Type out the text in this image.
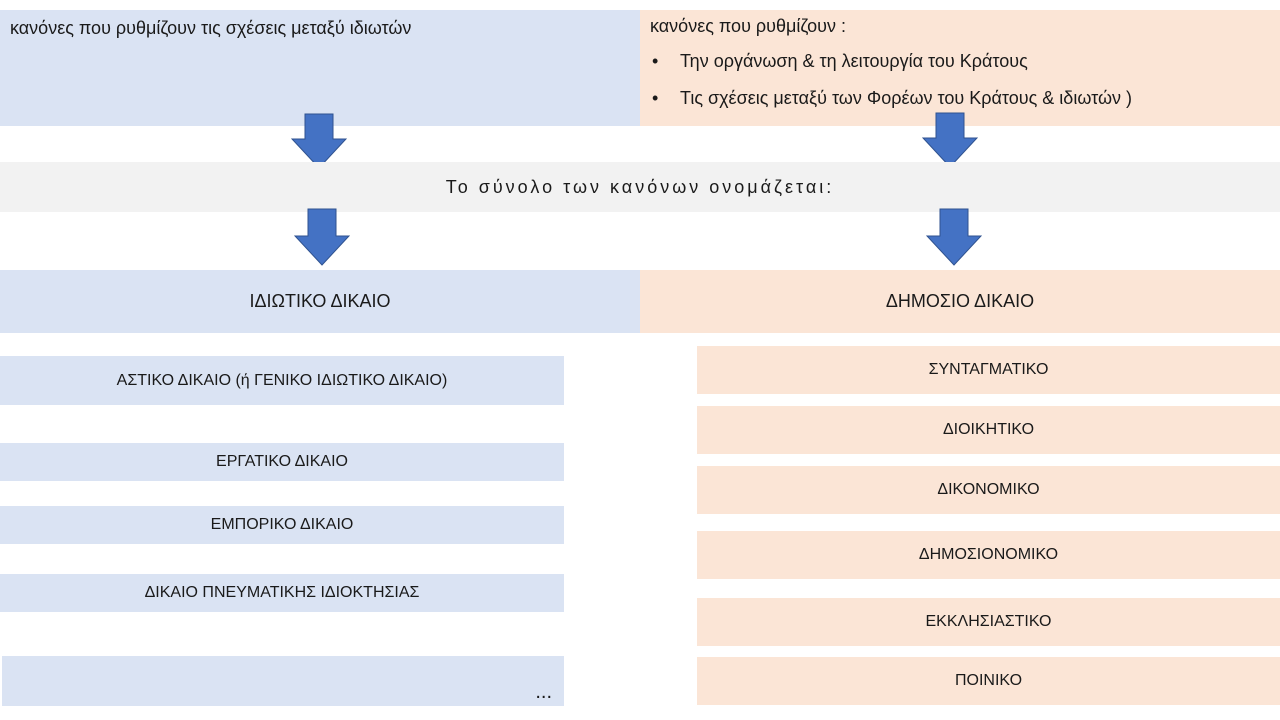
κανόνες που ρυθμίζουν τις σχέσεις μεταξύ ιδιωτών	κανόνες που ρυθμίζουν :
• Την οργάνωση & τη λειτουργία του Κράτους
• Τις σχέσεις μεταξύ των Φορέων του Κράτους & ιδιωτών )
Το σύνολο των κανόνων ονομάζεται:
ΙΔΙΩΤΙΚΟ ΔΙΚΑΙΟ	ΔΗΜΟΣΙΟ ΔΙΚΑΙΟ
ΑΣΤΙΚΟ ΔΙΚΑΙΟ (ή ΓΕΝΙΚΟ ΙΔΙΩΤΙΚΟ ΔΙΚΑΙΟ)
ΕΡΓΑΤΙΚΟ ΔΙΚΑΙΟ
ΕΜΠΟΡΙΚΟ ΔΙΚΑΙΟ
ΔΙΚΑΙΟ ΠΝΕΥΜΑΤΙΚΗΣ ΙΔΙΟΚΤΗΣΙΑΣ
...
ΣΥΝΤΑΓΜΑΤΙΚΟ
ΔΙΟΙΚΗΤΙΚΟ
ΔΙΚΟΝΟΜΙΚΟ
ΔΗΜΟΣΙΟΝΟΜΙΚΟ
ΕΚΚΛΗΣΙΑΣΤΙΚΟ
ΠΟΙΝΙΚΟ
